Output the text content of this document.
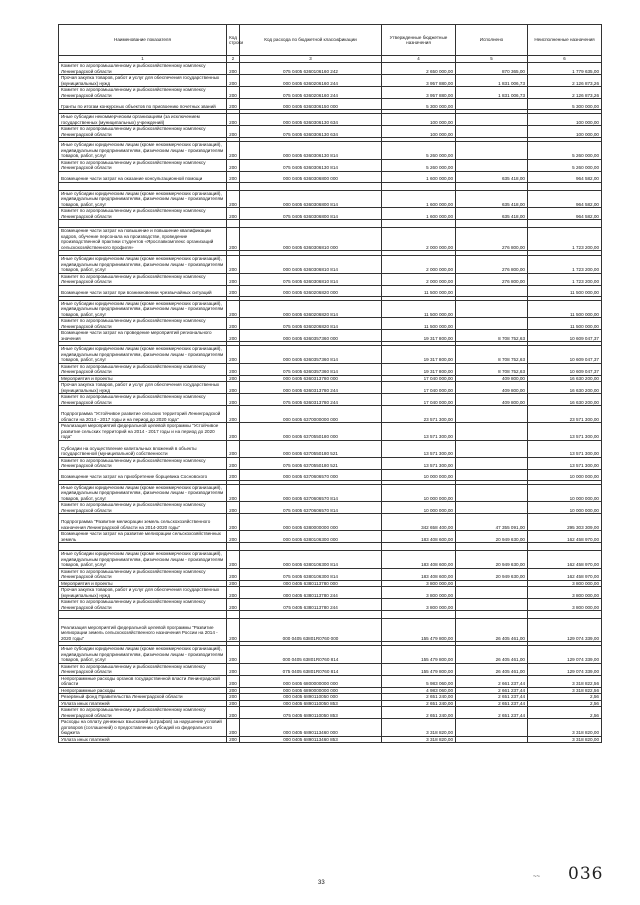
Наименование показателя	Код строки	Код расхода по бюджетной классификации	Утвержденные бюджетные назначения	Исполнено	Неисполненные назначения
1	2	3	4	5	6
Комитет по агропромышленному и рыбохозяйственному комплексу Ленинградской области	200	075 0405 6360106160 242	2 650 000,00	870 365,00	1 779 635,00
Прочая закупка товаров, работ и услуг для обеспечения государственных (муниципальных) нужд	200	000 0405 6360206160 244	3 957 880,00	1 831 006,73	2 126 873,26
Комитет по агропромышленному и рыбохозяйственному комплексу Ленинградской области	200	075 0405 6360206160 244	3 957 880,00	1 831 006,73	2 126 873,26
Гранты по итогам конкурсных объектов по присвоению почетных званий	200	000 0405 6360306150 000	5 300 000,00		5 300 000,00

Иные субсидии некоммерческим организациям (за исключением государственных (муниципальных) учреждений)	200	000 0405 6360306130 634	100 000,00		100 000,00
Комитет по агропромышленному и рыбохозяйственному комплексу Ленинградской области	200	075 0405 6360306130 634	100 000,00		100 000,00

Иные субсидии юридическим лицам (кроме некоммерческих организаций), индивидуальным предпринимателям, физическим лицам - производителям товаров, работ, услуг	200	000 0405 6360306130 814	5 260 000,00		5 260 000,00
Комитет по агропромышленному и рыбохозяйственному комплексу Ленинградской области	200	075 0405 6360306130 814	5 260 000,00		5 260 000,00
Возмещение части затрат на оказание консультационной помощи	200	000 0405 6360306800 000	1 600 000,00	635 418,00	964 582,00

Иные субсидии юридическим лицам (кроме некоммерческих организаций), индивидуальным предпринимателям, физическим лицам - производителям товаров, работ, услуг	200	000 0405 6360306800 814	1 600 000,00	635 418,00	964 582,00
Комитет по агропромышленному и рыбохозяйственному комплексу Ленинградской области	200	075 0405 6360306800 814	1 600 000,00	635 418,00	964 582,00

Возмещение части затрат на повышение и повышение квалификации кадров, обучение персонала на производстве, проведение производственной практики студентов «Ярославкомплекс организаций сельскохозяйственного профиля»	200	000 0405 6360306810 000	2 000 000,00	276 800,00	1 723 200,00

Иные субсидии юридическим лицам (кроме некоммерческих организаций), индивидуальным предпринимателям, физическим лицам - производителям товаров, работ, услуг	200	000 0405 6360306810 814	2 000 000,00	276 800,00	1 723 200,00
Комитет по агропромышленному и рыбохозяйственному комплексу Ленинградской области	200	075 0405 6360306810 814	2 000 000,00	276 800,00	1 723 200,00
Возмещение части затрат при возникновении чрезвычайных ситуаций	200	000 0405 6360206820 000	11 500 000,00		11 500 000,00

Иные субсидии юридическим лицам (кроме некоммерческих организаций), индивидуальным предпринимателям, физическим лицам - производителям товаров, работ, услуг	200	000 0405 6360206820 814	11 500 000,00		11 500 000,00
Комитет по агропромышленному и рыбохозяйственному комплексу Ленинградской области	200	075 0405 6360206820 814	11 500 000,00		11 500 000,00
Возмещение части затрат на проведение мероприятий регионального значения	200	000 0405 6360357360 000	19 317 800,00	8 708 752,63	10 609 047,37

Иные субсидии юридическим лицам (кроме некоммерческих организаций), индивидуальным предпринимателям, физическим лицам - производителям товаров, работ, услуг	200	000 0405 6360357360 814	19 317 800,00	8 708 752,63	10 609 047,37
Комитет по агропромышленному и рыбохозяйственному комплексу Ленинградской области	200	075 0405 6360357360 814	19 317 800,00	8 708 752,63	10 609 047,37
Мероприятия и проекты	200	000 0405 6360313780 000	17 040 000,00	409 800,00	16 630 200,00
Прочая закупка товаров, работ и услуг для обеспечения государственных (муниципальных) нужд	200	000 0405 6360313780 244	17 040 000,00	409 800,00	16 630 200,00
Комитет по агропромышленному и рыбохозяйственному комплексу Ленинградской области	200	075 0405 6360313780 244	17 040 000,00	409 800,00	16 630 200,00
Подпрограмма "Устойчивое развитие сельских территорий Ленинградской области на 2014 - 2017 годы и на период до 2020 года"	200	000 0405 6370000000 000	23 571 300,00		23 571 300,00
Реализация мероприятий федеральной целевой программы "Устойчивое развитие сельских территорий на 2014 - 2017 годы и на период до 2020 года"	200	000 0405 6370550180 000	13 571 300,00		13 571 300,00
Субсидии на осуществление капитальных вложений в объекты государственной (муниципальной) собственности	200	000 0405 6370550180 521	13 571 300,00		13 571 300,00
Комитет по агропромышленному и рыбохозяйственному комплексу Ленинградской области	200	075 0405 6370550180 521	13 571 300,00		13 571 300,00
Возмещение части затрат на приобретение борщевика Сосновского	200	000 0405 6370606570 000	10 000 000,00		10 000 000,00

Иные субсидии юридическим лицам (кроме некоммерческих организаций), индивидуальным предпринимателям, физическим лицам - производителям товаров, работ, услуг	200	000 0405 6370606570 814	10 000 000,00		10 000 000,00
Комитет по агропромышленному и рыбохозяйственному комплексу Ленинградской области	200	075 0405 6370606570 814	10 000 000,00		10 000 000,00
Подпрограмма "Развитие мелиорации земель сельскохозяйственного назначения Ленинградской области на 2014-2020 годы"	200	000 0405 6380000000 000	342 658 400,00	47 355 091,00	295 303 309,00
Возмещение части затрат на развитие мелиорации сельскохозяйственных земель	200	000 0405 6380106300 000	183 408 600,00	20 949 630,00	162 458 970,00

Иные субсидии юридическим лицам (кроме некоммерческих организаций), индивидуальным предпринимателям, физическим лицам - производителям товаров, работ, услуг	200	000 0405 6380106300 814	183 408 600,00	20 949 630,00	162 458 970,00
Комитет по агропромышленному и рыбохозяйственному комплексу Ленинградской области	200	075 0405 6380106300 814	183 408 600,00	20 949 630,00	162 458 970,00
Мероприятия и проекты	200	000 0405 6380113780 000	3 800 000,00		3 800 000,00
Прочая закупка товаров, работ и услуг для обеспечения государственных (муниципальных) нужд	200	000 0405 6380113780 244	3 800 000,00		3 800 000,00
Комитет по агропромышленному и рыбохозяйственному комплексу Ленинградской области	200	075 0405 6380113780 244	3 800 000,00		3 800 000,00

Реализация мероприятий федеральной целевой программы "Развитие мелиорации земель сельскохозяйственного назначения России на 2014 - 2020 годы"	200	000 0405 63801R0760 000	155 479 800,00	26 405 461,00	129 074 339,00

Иные субсидии юридическим лицам (кроме некоммерческих организаций), индивидуальным предпринимателям, физическим лицам - производителям товаров, работ, услуг	200	000 0405 63801R0760 814	155 479 800,00	26 405 461,00	129 074 339,00
Комитет по агропромышленному и рыбохозяйственному комплексу Ленинградской области	200	075 0405 63801R0760 814	155 479 800,00	26 405 461,00	129 074 339,00
Непрограммные расходы органов государственной власти Ленинградской области	200	000 0405 6800000000 000	5 983 060,00	2 661 237,44	3 318 822,56
Непрограммные расходы	200	000 0405 6890000000 000	4 983 060,00	2 661 237,44	3 318 822,56
Резервный фонд Правительства Ленинградской области	200	000 0405 6890110050 000	2 651 240,00	2 651 237,44	2,56
Уплата иных платежей	200	000 0405 6890110050 853	2 651 240,00	2 651 237,44	2,56
Комитет по агропромышленному и рыбохозяйственному комплексу Ленинградской области	200	075 0405 6890110050 853	2 651 240,00	2 651 237,44	2,56
Расходы на оплату денежных взысканий (штрафов) за нарушение условий договоров (соглашений) о предоставлении субсидий из федерального бюджета	200	000 0405 6890113460 000	3 318 820,00		3 318 820,00
Уплата иных платежей	200	000 0405 6890113460 853	3 318 820,00		3 318 820,00
33
~~ 036
